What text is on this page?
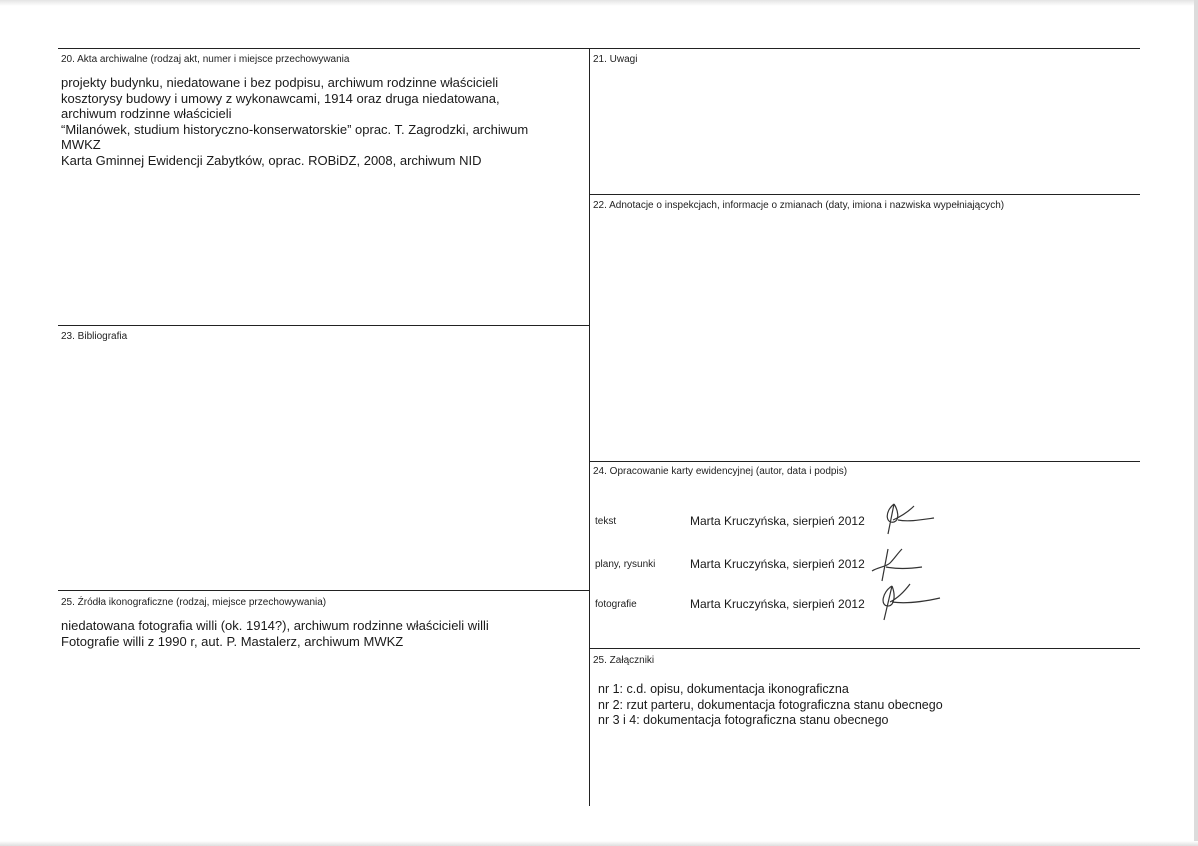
20. Akta archiwalne (rodzaj akt, numer i miejsce przechowywania
projekty budynku, niedatowane i bez podpisu, archiwum rodzinne właścicieli
kosztorysy budowy i umowy z wykonawcami, 1914 oraz druga niedatowana,
archiwum rodzinne właścicieli
“Milanówek, studium historyczno-konserwatorskie” oprac. T. Zagrodzki, archiwum
MWKZ
Karta Gminnej Ewidencji Zabytków, oprac. ROBiDZ, 2008, archiwum NID
21. Uwagi
22. Adnotacje o inspekcjach, informacje o zmianach (daty, imiona i nazwiska wypełniających)
23. Bibliografia
24. Opracowanie karty ewidencyjnej (autor, data i podpis)
tekst	Marta Kruczyńska, sierpień 2012
plany, rysunki	Marta Kruczyńska, sierpień 2012
fotografie	Marta Kruczyńska, sierpień 2012
25. Źródła ikonograficzne (rodzaj, miejsce przechowywania)
niedatowana fotografia willi (ok. 1914?), archiwum rodzinne właścicieli willi
Fotografie willi z 1990 r, aut. P. Mastalerz, archiwum MWKZ
25. Załączniki
nr 1: c.d. opisu, dokumentacja ikonograficzna
nr 2: rzut parteru, dokumentacja fotograficzna stanu obecnego
nr 3 i 4: dokumentacja fotograficzna stanu obecnego
